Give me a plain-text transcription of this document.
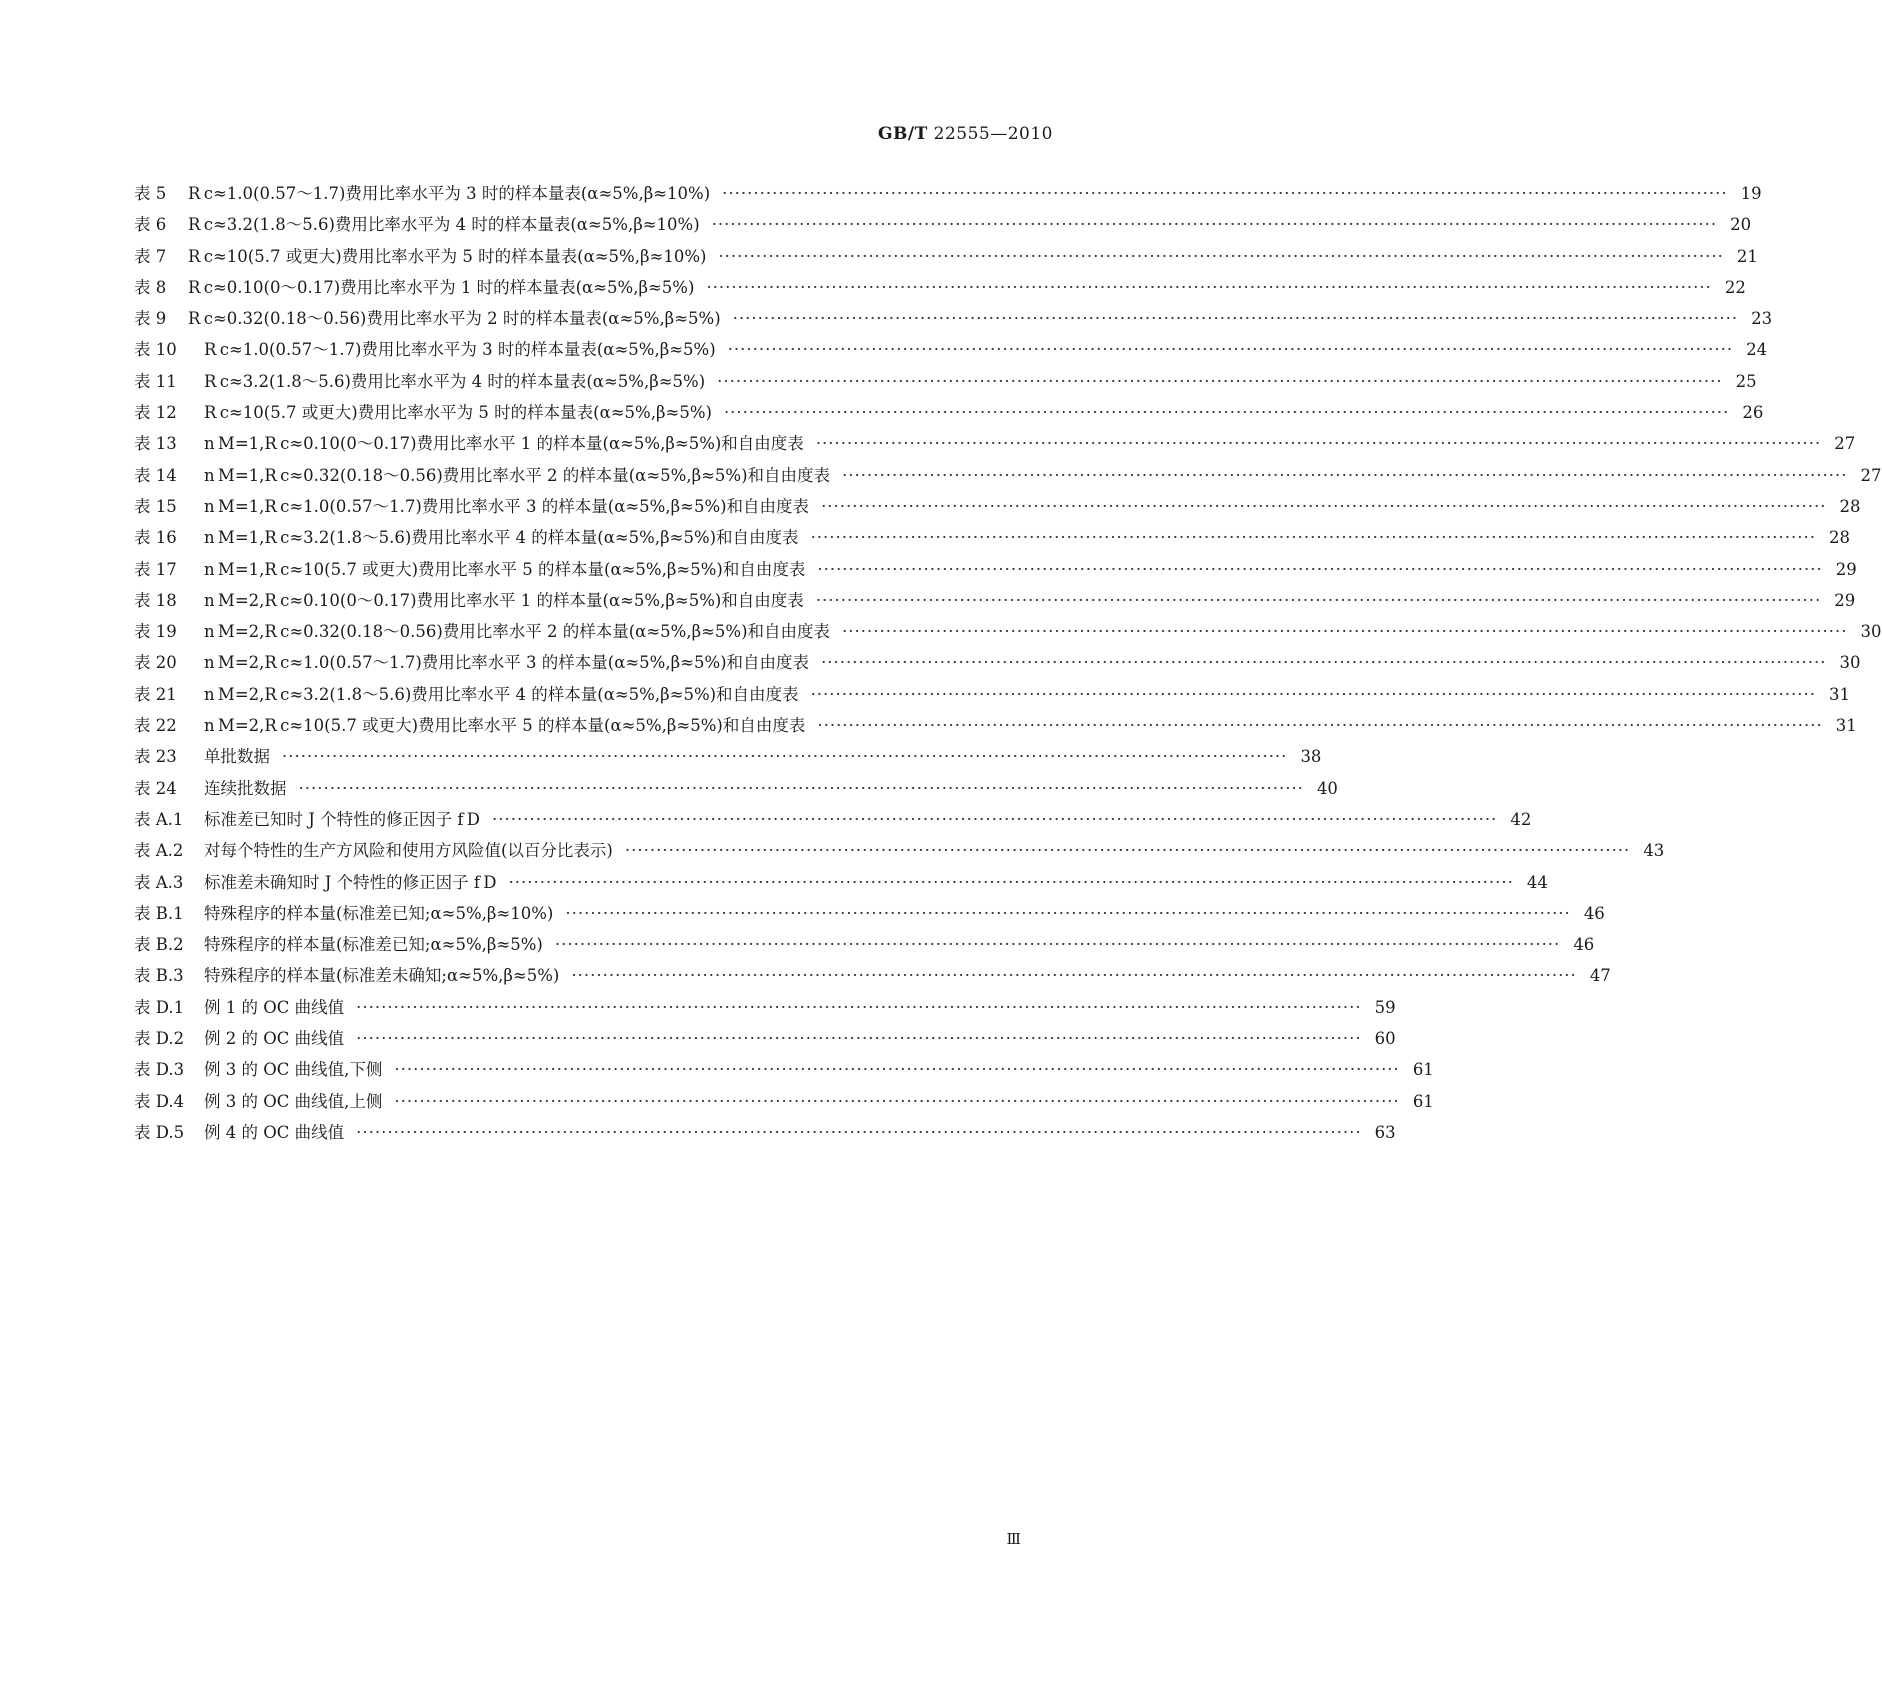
GB/T 22555—2010
表 5	R c≈1.0(0.57～1.7)费用比率水平为 3 时的样本量表(α≈5%,β≈10%) ·····	19
表 6	R c≈3.2(1.8～5.6)费用比率水平为 4 时的样本量表(α≈5%,β≈10%) ·····	20
表 7	R c≈10(5.7 或更大)费用比率水平为 5 时的样本量表(α≈5%,β≈10%) ·····	21
表 8	R c≈0.10(0～0.17)费用比率水平为 1 时的样本量表(α≈5%,β≈5%) ·····	22
表 9	R c≈0.32(0.18～0.56)费用比率水平为 2 时的样本量表(α≈5%,β≈5%) ·····	23
表 10	R c≈1.0(0.57～1.7)费用比率水平为 3 时的样本量表(α≈5%,β≈5%) ·····	24
表 11	R c≈3.2(1.8～5.6)费用比率水平为 4 时的样本量表(α≈5%,β≈5%) ·····	25
表 12	R c≈10(5.7 或更大)费用比率水平为 5 时的样本量表(α≈5%,β≈5%) ·····	26
表 13	n M=1,R c≈0.10(0～0.17)费用比率水平 1 的样本量(α≈5%,β≈5%)和自由度表 ·····	27
表 14	n M=1,R c≈0.32(0.18～0.56)费用比率水平 2 的样本量(α≈5%,β≈5%)和自由度表 ·····	27
表 15	n M=1,R c≈1.0(0.57～1.7)费用比率水平 3 的样本量(α≈5%,β≈5%)和自由度表 ·····	28
表 16	n M=1,R c≈3.2(1.8～5.6)费用比率水平 4 的样本量(α≈5%,β≈5%)和自由度表 ·····	28
表 17	n M=1,R c≈10(5.7 或更大)费用比率水平 5 的样本量(α≈5%,β≈5%)和自由度表 ·····	29
表 18	n M=2,R c≈0.10(0～0.17)费用比率水平 1 的样本量(α≈5%,β≈5%)和自由度表 ·····	29
表 19	n M=2,R c≈0.32(0.18～0.56)费用比率水平 2 的样本量(α≈5%,β≈5%)和自由度表 ·····	30
表 20	n M=2,R c≈1.0(0.57～1.7)费用比率水平 3 的样本量(α≈5%,β≈5%)和自由度表 ·····	30
表 21	n M=2,R c≈3.2(1.8～5.6)费用比率水平 4 的样本量(α≈5%,β≈5%)和自由度表 ·····	31
表 22	n M=2,R c≈10(5.7 或更大)费用比率水平 5 的样本量(α≈5%,β≈5%)和自由度表 ·····	31
表 23	单批数据 ·····	38
表 24	连续批数据 ·····	40
表 A.1	标准差已知时 J 个特性的修正因子 f D ·····	42
表 A.2	对每个特性的生产方风险和使用方风险值(以百分比表示) ·····	43
表 A.3	标准差未确知时 J 个特性的修正因子 f D ·····	44
表 B.1	特殊程序的样本量(标准差已知;α≈5%,β≈10%) ·····	46
表 B.2	特殊程序的样本量(标准差已知;α≈5%,β≈5%) ·····	46
表 B.3	特殊程序的样本量(标准差未确知;α≈5%,β≈5%) ·····	47
表 D.1	例 1 的 OC 曲线值 ·····	59
表 D.2	例 2 的 OC 曲线值 ·····	60
表 D.3	例 3 的 OC 曲线值,下侧 ·····	61
表 D.4	例 3 的 OC 曲线值,上侧 ·····	61
表 D.5	例 4 的 OC 曲线值 ·····	63
Ⅲ
